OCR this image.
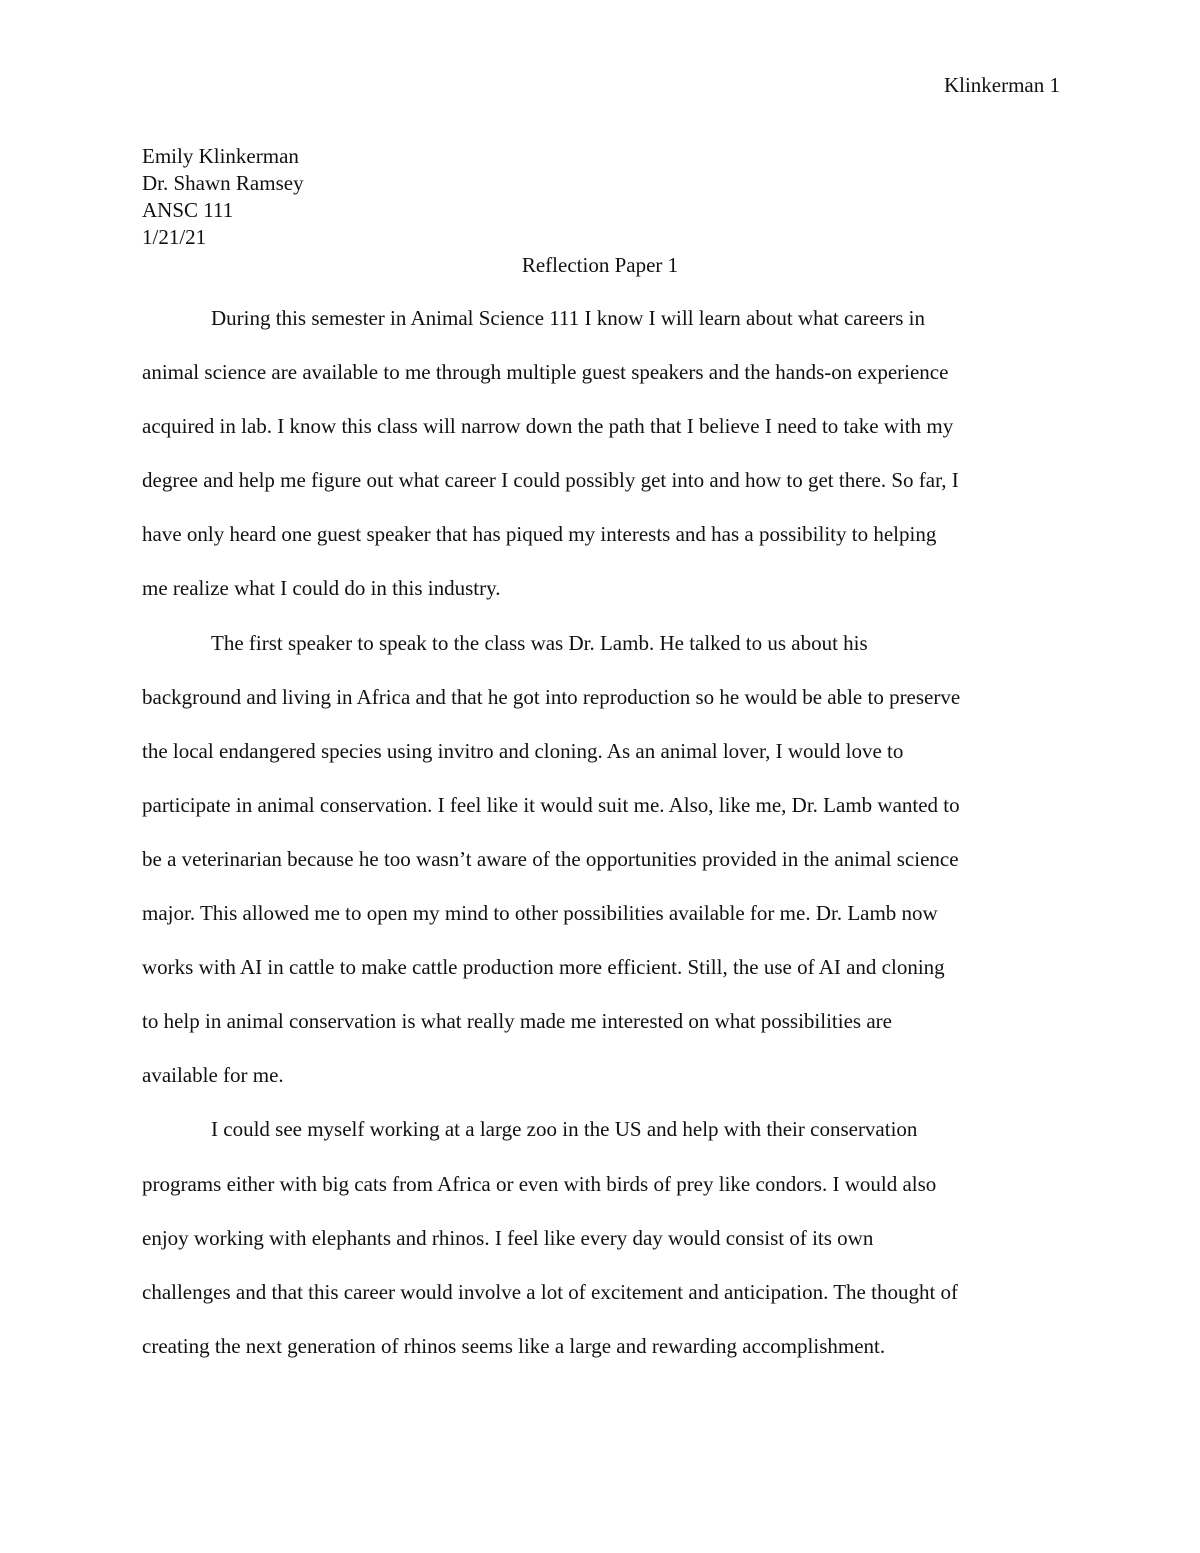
Klinkerman 1
Emily Klinkerman
Dr. Shawn Ramsey
ANSC 111
1/21/21
Reflection Paper 1
During this semester in Animal Science 111 I know I will learn about what careers in
animal science are available to me through multiple guest speakers and the hands-on experience
acquired in lab. I know this class will narrow down the path that I believe I need to take with my
degree and help me figure out what career I could possibly get into and how to get there. So far, I
have only heard one guest speaker that has piqued my interests and has a possibility to helping
me realize what I could do in this industry.
The first speaker to speak to the class was Dr. Lamb. He talked to us about his
background and living in Africa and that he got into reproduction so he would be able to preserve
the local endangered species using invitro and cloning. As an animal lover, I would love to
participate in animal conservation. I feel like it would suit me. Also, like me, Dr. Lamb wanted to
be a veterinarian because he too wasn’t aware of the opportunities provided in the animal science
major. This allowed me to open my mind to other possibilities available for me. Dr. Lamb now
works with AI in cattle to make cattle production more efficient. Still, the use of AI and cloning
to help in animal conservation is what really made me interested on what possibilities are
available for me.
I could see myself working at a large zoo in the US and help with their conservation
programs either with big cats from Africa or even with birds of prey like condors. I would also
enjoy working with elephants and rhinos. I feel like every day would consist of its own
challenges and that this career would involve a lot of excitement and anticipation. The thought of
creating the next generation of rhinos seems like a large and rewarding accomplishment.
